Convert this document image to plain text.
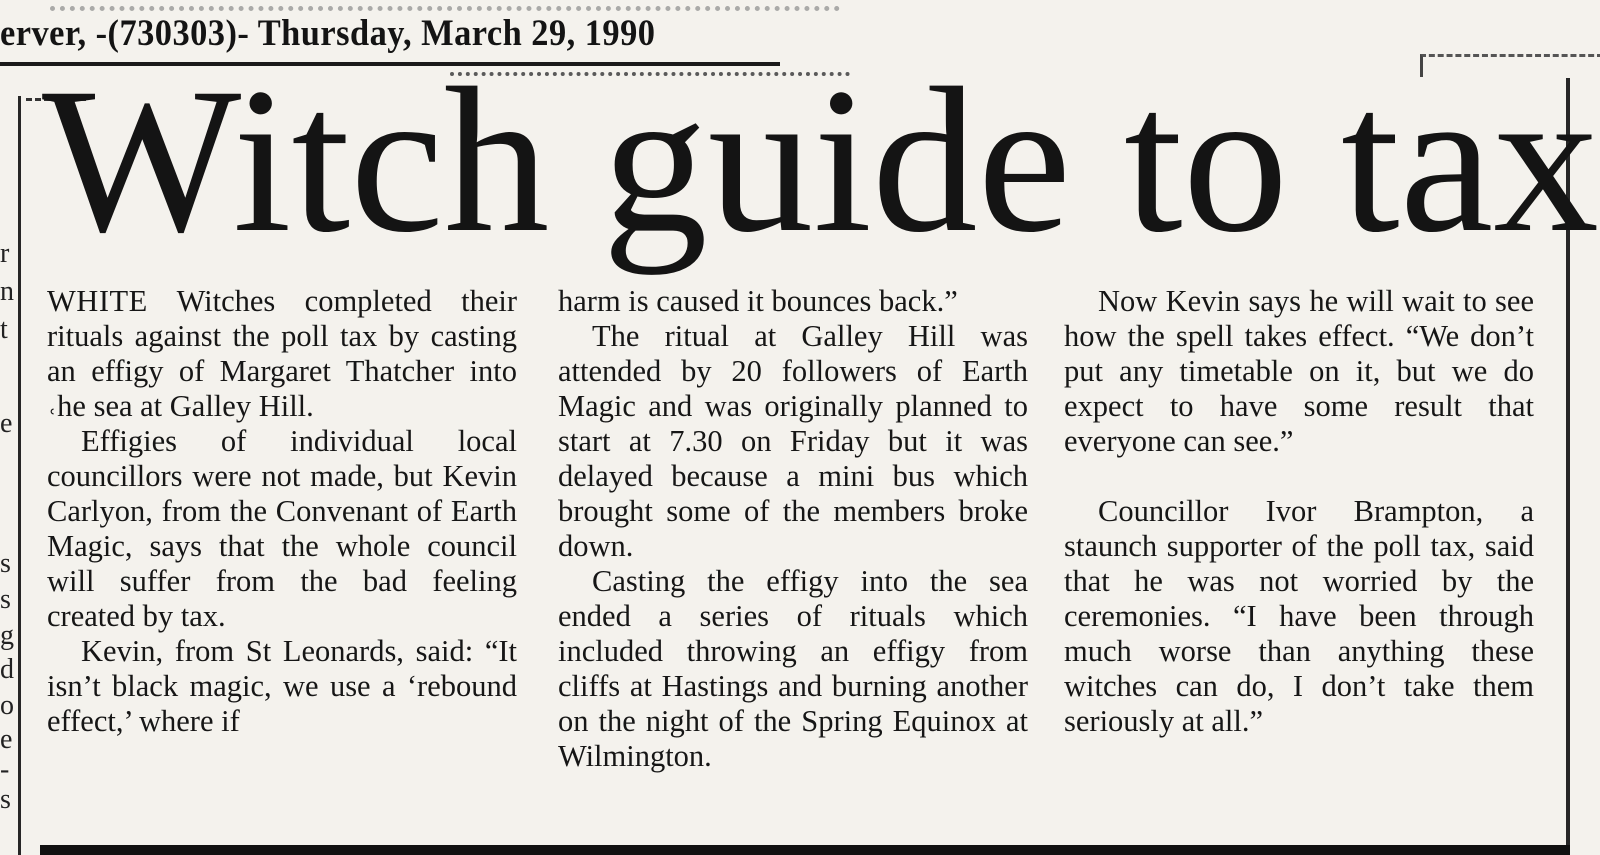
erver, -(730303)- Thursday, March 29, 1990
r
n
t
e
s
s
g
d
o
e
-
s
Witch guide to tax

WHITE Witches completed their rituals against the poll tax by casting an effigy of Margaret Thatcher into ˓he sea at Galley Hill.

Effigies of individual local councillors were not made, but Kevin Carlyon, from the Convenant of Earth Magic, says that the whole council will suffer from the bad feeling created by tax.

Kevin, from St Leonards, said: “It isn’t black magic, we use a ‘rebound effect,’ where if

harm is caused it bounces back.”

The ritual at Galley Hill was attended by 20 followers of Earth Magic and was originally planned to start at 7.30 on Friday but it was delayed because a mini bus which brought some of the members broke down.

Casting the effigy into the sea ended a series of rituals which included throwing an effigy from cliffs at Hastings and burning another on the night of the Spring Equinox at Wilmington.

Now Kevin says he will wait to see how the spell takes effect. “We don’t put any timetable on it, but we do expect to have some result that everyone can see.”

Councillor Ivor Brampton, a staunch supporter of the poll tax, said that he was not worried by the ceremonies. “I have been through much worse than anything these witches can do, I don’t take them seriously at all.”
